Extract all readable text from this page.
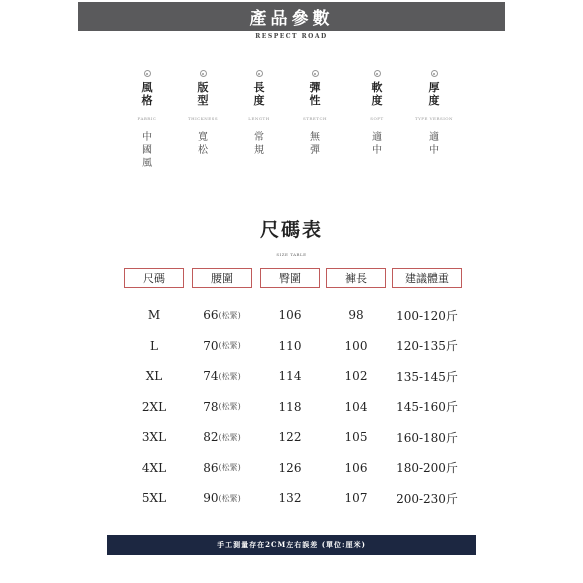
產品參數
RESPECT ROAD
風格
FABRIC
中國風
版型
THICKNESS
寬松
長度
LENGTH
常規
彈性
STRETCH
無彈
軟度
SOFT
適中
厚度
TYPE VERSION
適中
尺碼表
SIZE TABLE
尺碼	腰圍	臀圍	褲長	建議體重
M	66 (松緊)	106	98	100-120斤
L	70 (松緊)	110	100 120-135斤
XL	74 (松緊)	114	102 135-145斤
2XL	78 (松緊)	118	104 145-160斤
3XL	82 (松緊)	122	105 160-180斤
4XL	86 (松緊)	126	106 180-200斤
5XL	90 (松緊)	132	107 200-230斤
手工測量存在2CM左右誤差 (單位:厘米)
